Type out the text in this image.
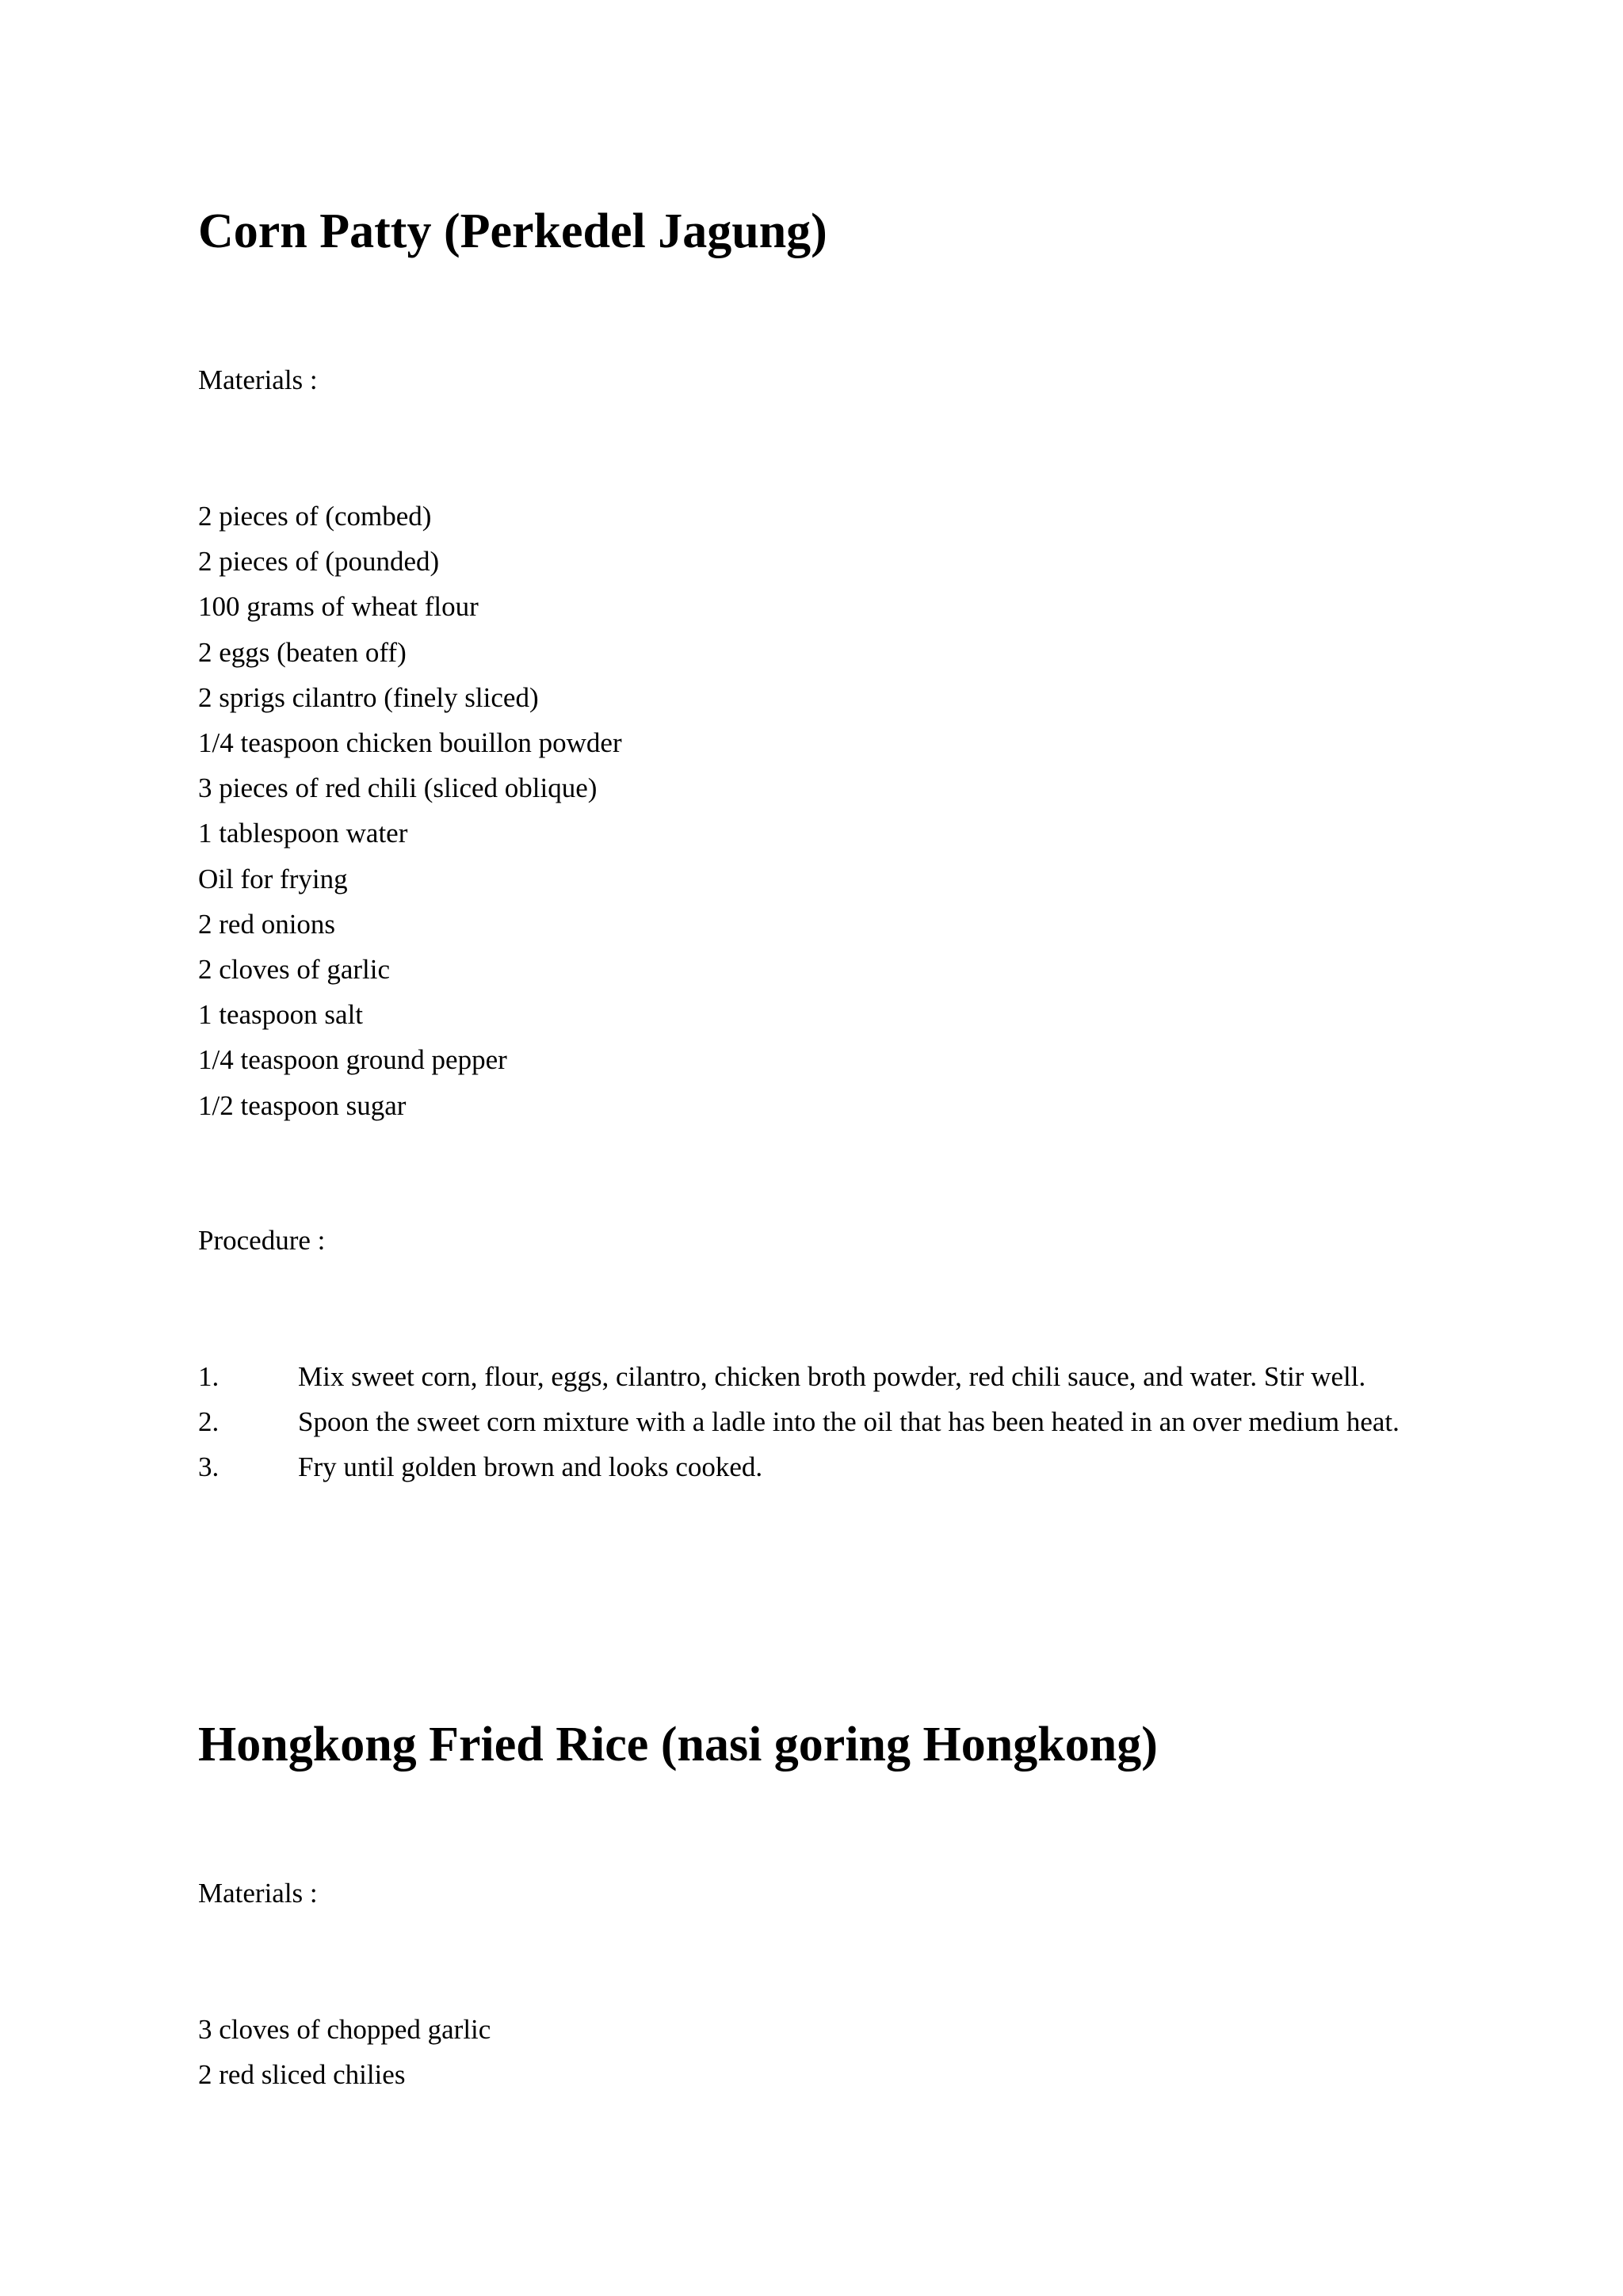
Corn Patty (Perkedel Jagung)

Materials :

2 pieces of (combed)
2 pieces of (pounded)
100 grams of wheat flour
2 eggs (beaten off)
2 sprigs cilantro (finely sliced)
1/4 teaspoon chicken bouillon powder
3 pieces of red chili (sliced oblique)
1 tablespoon water
Oil for frying
2 red onions
2 cloves of garlic
1 teaspoon salt
1/4 teaspoon ground pepper
1/2 teaspoon sugar

Procedure :

1.	Mix sweet corn, flour, eggs, cilantro, chicken broth powder, red chili sauce, and water. Stir well.
2.	Spoon the sweet corn mixture with a ladle into the oil that has been heated in an over medium heat.
3.	Fry until golden brown and looks cooked.
Hongkong Fried Rice (nasi goring Hongkong)

Materials :

3 cloves of chopped garlic
2 red sliced chilies
